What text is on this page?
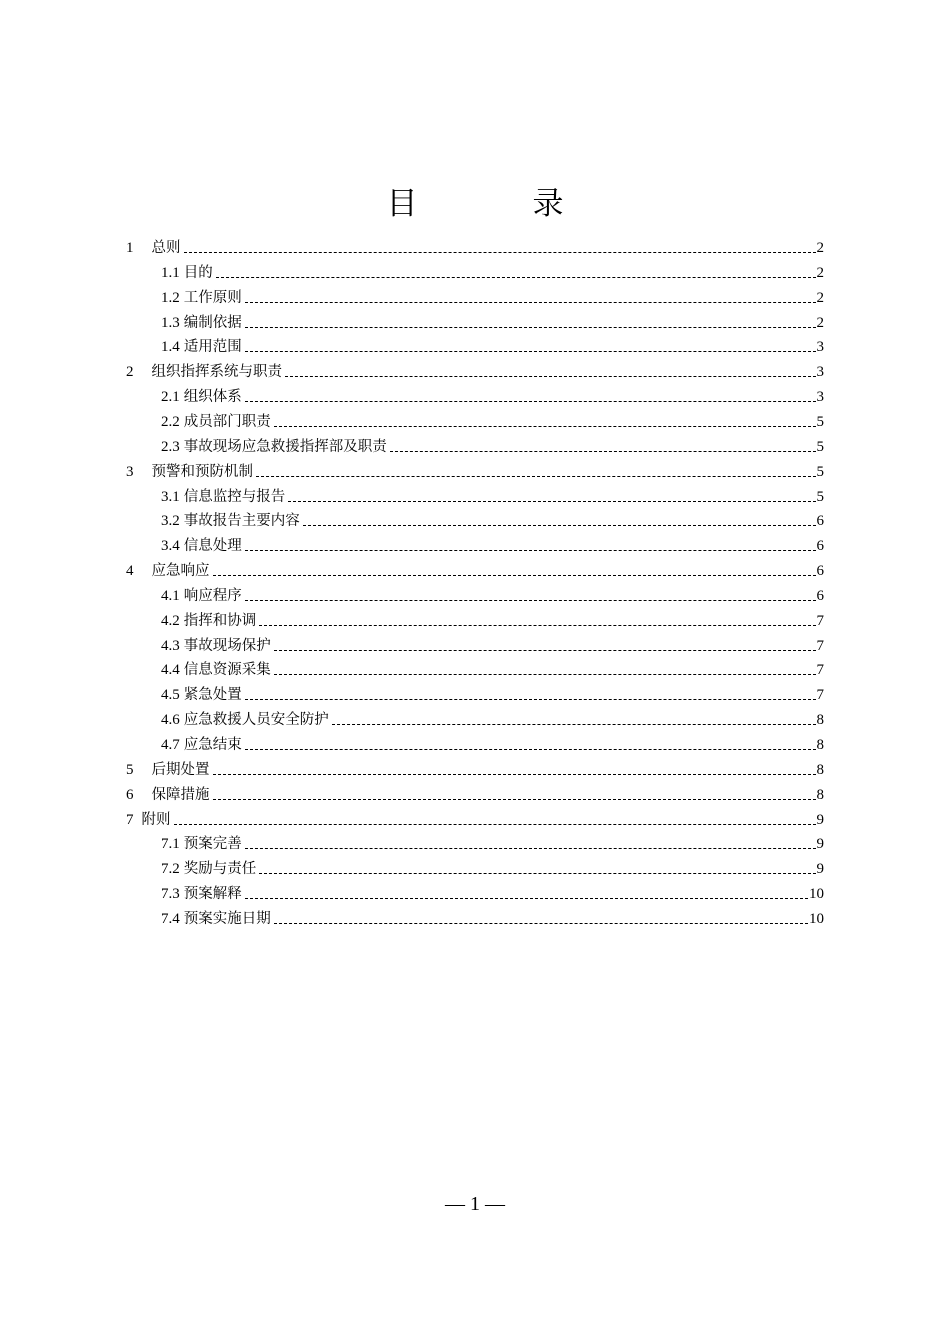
目　录
1 总则	2
1.1 目的	2
1.2 工作原则	2
1.3 编制依据	2
1.4 适用范围	3
2 组织指挥系统与职责	3
2.1 组织体系	3
2.2 成员部门职责	5
2.3 事故现场应急救援指挥部及职责	5
3 预警和预防机制	5
3.1 信息监控与报告	5
3.2 事故报告主要内容	6
3.4 信息处理	6
4 应急响应	6
4.1 响应程序	6
4.2 指挥和协调	7
4.3 事故现场保护	7
4.4 信息资源采集	7
4.5 紧急处置	7
4.6 应急救援人员安全防护	8
4.7 应急结束	8
5 后期处置	8
6 保障措施	8
7 附则	9
7.1 预案完善	9
7.2 奖励与责任	9
7.3 预案解释	10
7.4 预案实施日期	10
— 1 —
